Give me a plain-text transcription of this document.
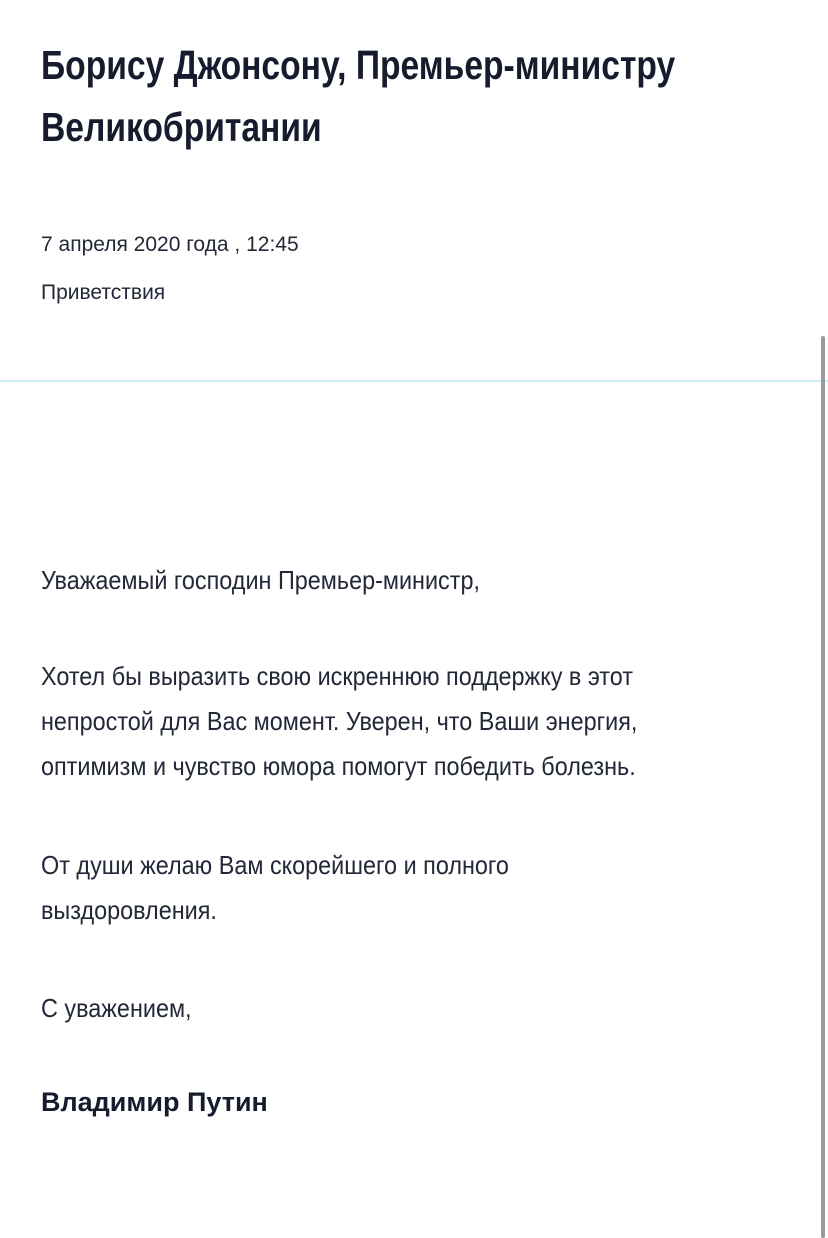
Борису Джонсону, Премьер-министру Великобритании
7 апреля 2020 года , 12:45
Приветствия

Уважаемый господин Премьер-министр,

Хотел бы выразить свою искреннюю поддержку в этот
непростой для Вас момент. Уверен, что Ваши энергия,
оптимизм и чувство юмора помогут победить болезнь.

От души желаю Вам скорейшего и полного
выздоровления.

С уважением,

Владимир Путин
